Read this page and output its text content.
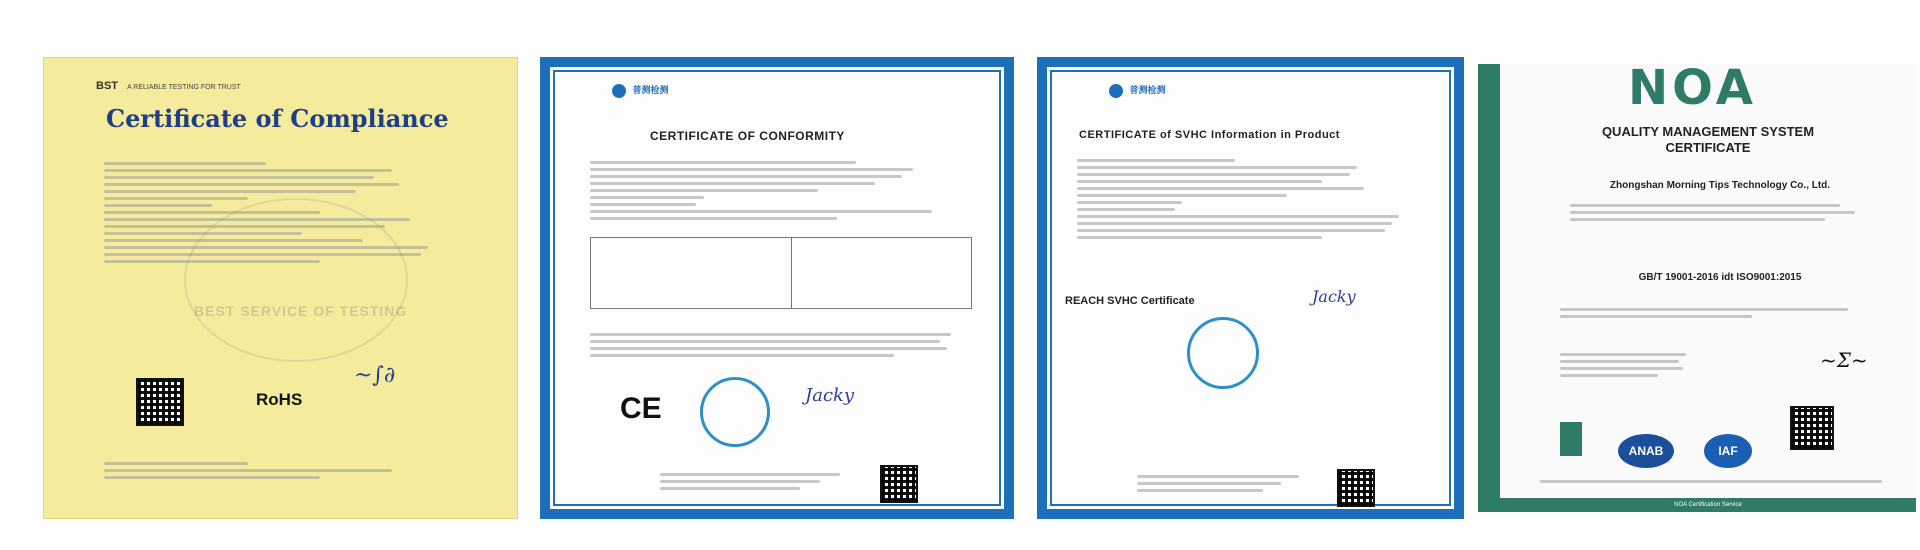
BST A RELIABLE TESTING FOR TRUST
Certificate of Compliance
BEST SERVICE OF TESTING
RoHS
~∫∂
普测检测
CERTIFICATE OF CONFORMITY
CE	Jacky
普测检测
CERTIFICATE of SVHC Information in Product
REACH SVHC Certificate	Jacky
NOA
QUALITY MANAGEMENT SYSTEM
CERTIFICATE
Zhongshan Morning Tips Technology Co., Ltd.
GB/T 19001-2016 idt ISO9001:2015
~Ʃ~
ANAB	IAF
NOA Certification Service
